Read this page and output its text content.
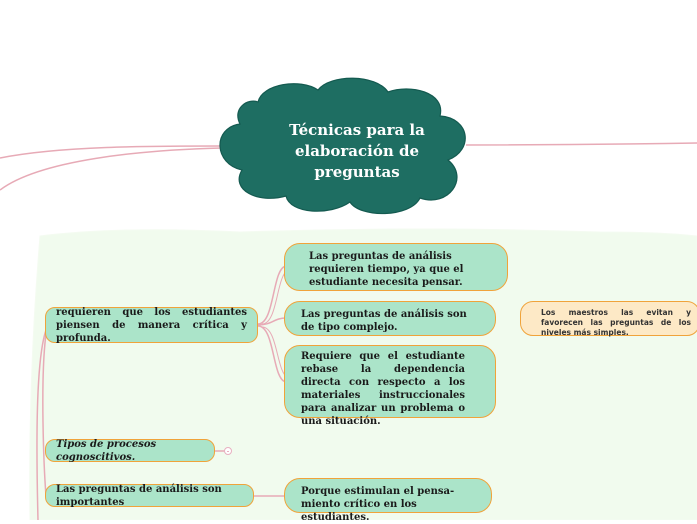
Técnicas para la elaboración de preguntas
requieren que los estudiantes piensen de manera crítica y profunda.
Tipos de procesos cognoscitivos.
Las preguntas de análisis son importantes
Las preguntas de análisis requieren tiempo, ya que el estudiante necesita pensar.
Las preguntas de análisis son de tipo complejo.
Requiere que el estudiante rebase la dependencia directa con respecto a los materiales instruccionales para analizar un problema o una situación.
Porque estimulan el pensa-miento crítico en los estudiantes.
Los maestros las evitan y favorecen las preguntas de los niveles más simples.
